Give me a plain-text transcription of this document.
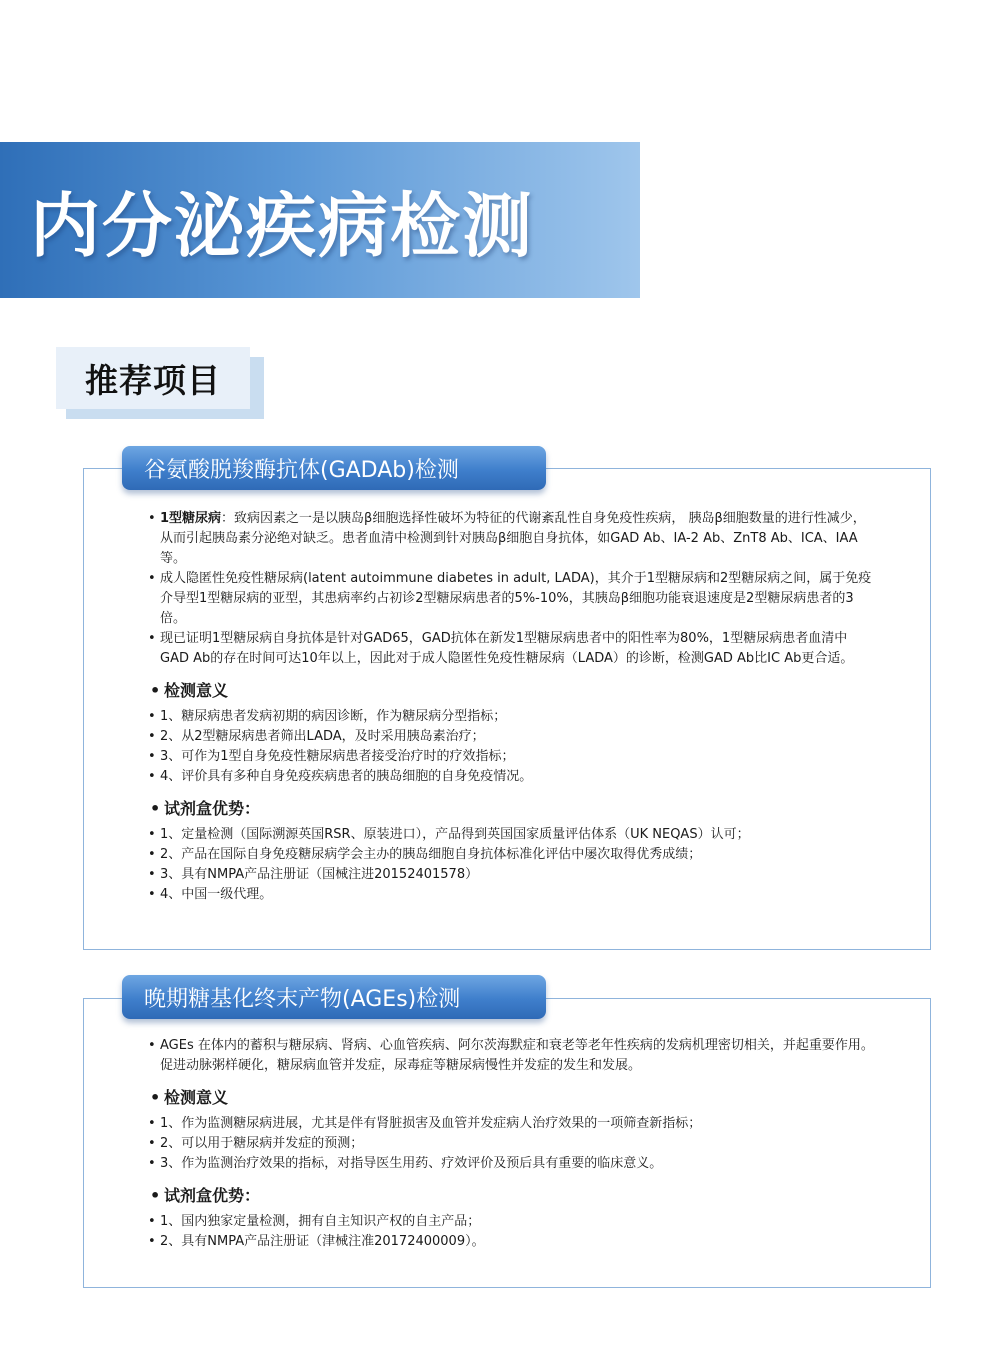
内分泌疾病检测
推荐项目
谷氨酸脱羧酶抗体(GADAb)检测

• 1型糖尿病：致病因素之一是以胰岛β细胞选择性破坏为特征的代谢紊乱性自身免疫性疾病， 胰岛β细胞数量的进行性减少，从而引起胰岛素分泌绝对缺乏。患者血清中检测到针对胰岛β细胞自身抗体，如GAD Ab、IA-2 Ab、ZnT8 Ab、ICA、IAA等。

• 成人隐匿性免疫性糖尿病(latent autoimmune diabetes in adult, LADA)，其介于1型糖尿病和2型糖尿病之间，属于免疫介导型1型糖尿病的亚型，其患病率约占初诊2型糖尿病患者的5%-10%，其胰岛β细胞功能衰退速度是2型糖尿病患者的3倍。

• 现已证明1型糖尿病自身抗体是针对GAD65，GAD抗体在新发1型糖尿病患者中的阳性率为80%，1型糖尿病患者血清中GAD Ab的存在时间可达10年以上，因此对于成人隐匿性免疫性糖尿病（LADA）的诊断，检测GAD Ab比IC Ab更合适。

• 检测意义

• 1、糖尿病患者发病初期的病因诊断，作为糖尿病分型指标；

• 2、从2型糖尿病患者筛出LADA，及时采用胰岛素治疗；

• 3、可作为1型自身免疫性糖尿病患者接受治疗时的疗效指标；

• 4、评价具有多种自身免疫疾病患者的胰岛细胞的自身免疫情况。

• 试剂盒优势：

• 1、定量检测（国际溯源英国RSR、原装进口），产品得到英国国家质量评估体系（UK NEQAS）认可；

• 2、产品在国际自身免疫糖尿病学会主办的胰岛细胞自身抗体标准化评估中屡次取得优秀成绩；

• 3、具有NMPA产品注册证（国械注进20152401578）

• 4、中国一级代理。

晚期糖基化终末产物(AGEs)检测

• AGEs 在体内的蓄积与糖尿病、肾病、心血管疾病、阿尔茨海默症和衰老等老年性疾病的发病机理密切相关，并起重要作用。促进动脉粥样硬化，糖尿病血管并发症，尿毒症等糖尿病慢性并发症的发生和发展。

• 检测意义

• 1、作为监测糖尿病进展，尤其是伴有肾脏损害及血管并发症病人治疗效果的一项筛查新指标；

• 2、可以用于糖尿病并发症的预测；

• 3、作为监测治疗效果的指标，对指导医生用药、疗效评价及预后具有重要的临床意义。

• 试剂盒优势：

• 1、国内独家定量检测，拥有自主知识产权的自主产品；

• 2、具有NMPA产品注册证（津械注准20172400009）。
